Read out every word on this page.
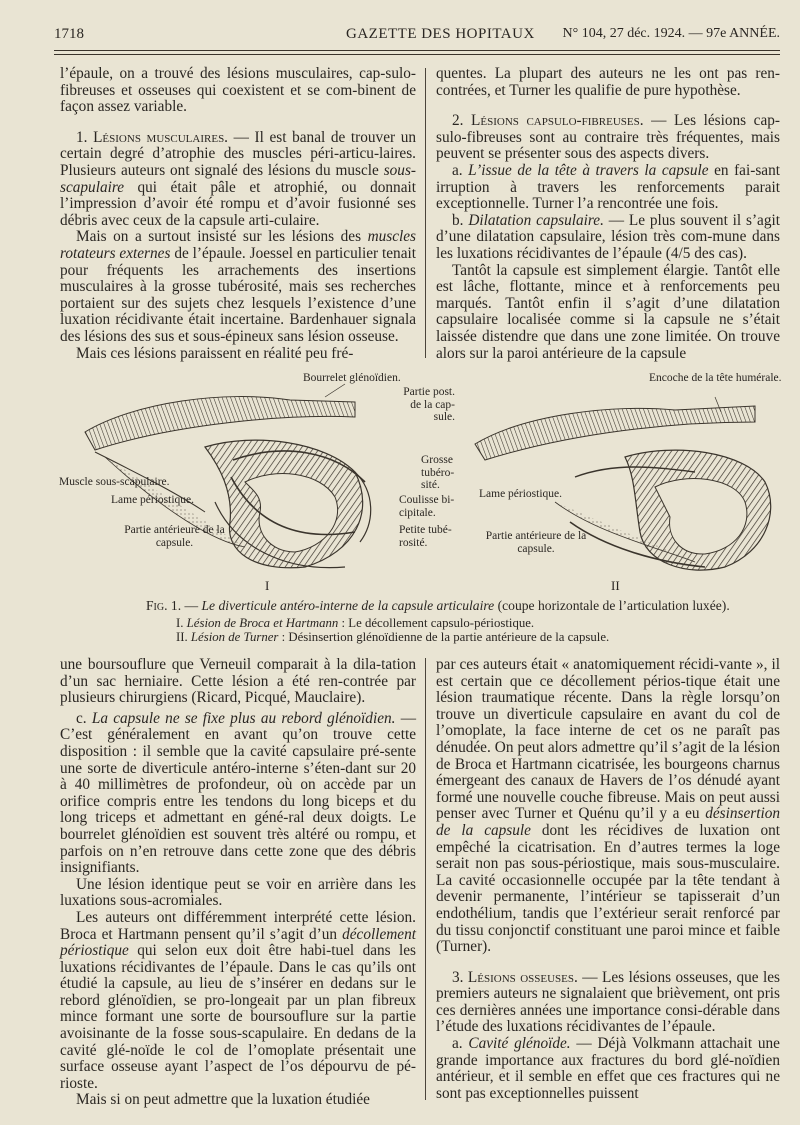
1718	GAZETTE DES HOPITAUX N° 104, 27 déc. 1924. — 97e ANNÉE.

l’épaule, on a trouvé des lésions musculaires, cap-sulo-fibreuses et osseuses qui coexistent et se com-binent de façon assez variable.

1. Lésions musculaires. — Il est banal de trouver un certain degré d’atrophie des muscles péri-articu-laires. Plusieurs auteurs ont signalé des lésions du muscle sous-scapulaire qui était pâle et atrophié, ou donnait l’impression d’avoir été rompu et d’avoir fusionné ses débris avec ceux de la capsule arti-culaire.

Mais on a surtout insisté sur les lésions des muscles rotateurs externes de l’épaule. Joessel en particulier tenait pour fréquents les arrachements des insertions musculaires à la grosse tubérosité, mais ses recherches portaient sur des sujets chez lesquels l’existence d’une luxation récidivante était incertaine. Bardenhauer signala des lésions des sus et sous-épineux sans lésion osseuse.

Mais ces lésions paraissent en réalité peu fré-

quentes. La plupart des auteurs ne les ont pas ren-contrées, et Turner les qualifie de pure hypothèse.

2. Lésions capsulo-fibreuses. — Les lésions cap-sulo-fibreuses sont au contraire très fréquentes, mais peuvent se présenter sous des aspects divers.

a. L’issue de la tête à travers la capsule en fai-sant irruption à travers les renforcements parait exceptionnelle. Turner l’a rencontrée une fois.

b. Dilatation capsulaire. — Le plus souvent il s’agit d’une dilatation capsulaire, lésion très com-mune dans les luxations récidivantes de l’épaule (4/5 des cas).

Tantôt la capsule est simplement élargie. Tantôt elle est lâche, flottante, mince et à renforcements peu marqués. Tantôt enfin il s’agit d’une dilatation capsulaire localisée comme si la capsule ne s’était laissée distendre que dans une zone limitée. On trouve alors sur la paroi antérieure de la capsule

Bourrelet glénoïdien.
Partie post. de la cap-sule.
Muscle sous-scapulaire.
Lame périostique.
Partie antérieure de la capsule.
Grosse tubéro-sité.
Coulisse bi-cipitale.
Petite tubé-rosité.
Encoche de la tête humérale.
Lame périostique.
Partie antérieure de la capsule.
I	II
Fig. 1. — Le diverticule antéro-interne de la capsule articulaire (coupe horizontale de l’articulation luxée).
I. Lésion de Broca et Hartmann : Le décollement capsulo-périostique.
II. Lésion de Turner : Désinsertion glénoïdienne de la partie antérieure de la capsule.

une boursouflure que Verneuil comparait à la dila-tation d’un sac herniaire. Cette lésion a été ren-contrée par plusieurs chirurgiens (Ricard, Picqué, Mauclaire).

c. La capsule ne se fixe plus au rebord glénoïdien. — C’est généralement en avant qu’on trouve cette disposition : il semble que la cavité capsulaire pré-sente une sorte de diverticule antéro-interne s’éten-dant sur 20 à 40 millimètres de profondeur, où on accède par un orifice compris entre les tendons du long biceps et du long triceps et admettant en géné-ral deux doigts. Le bourrelet glénoïdien est souvent très altéré ou rompu, et parfois on n’en retrouve dans cette zone que des débris insignifiants.

Une lésion identique peut se voir en arrière dans les luxations sous-acromiales.

Les auteurs ont différemment interprété cette lésion. Broca et Hartmann pensent qu’il s’agit d’un décollement périostique qui selon eux doit être habi-tuel dans les luxations récidivantes de l’épaule. Dans le cas qu’ils ont étudié la capsule, au lieu de s’insérer en dedans sur le rebord glénoïdien, se pro-longeait par un plan fibreux mince formant une sorte de boursouflure sur la partie avoisinante de la fosse sous-scapulaire. En dedans de la cavité glé-noïde le col de l’omoplate présentait une surface osseuse ayant l’aspect de l’os dépourvu de pé-rioste.

Mais si on peut admettre que la luxation étudiée

par ces auteurs était « anatomiquement récidi-vante », il est certain que ce décollement périos-tique était une lésion traumatique récente. Dans la règle lorsqu’on trouve un diverticule capsulaire en avant du col de l’omoplate, la face interne de cet os ne paraît pas dénudée. On peut alors admettre qu’il s’agit de la lésion de Broca et Hartmann cicatrisée, les bourgeons charnus émergeant des canaux de Havers de l’os dénudé ayant formé une nouvelle couche fibreuse. Mais on peut aussi penser avec Turner et Quénu qu’il y a eu désinsertion de la capsule dont les récidives de luxation ont empêché la cicatrisation. En d’autres termes la loge serait non pas sous-périostique, mais sous-musculaire. La cavité occasionnelle occupée par la tête tendant à devenir permanente, l’intérieur se tapisserait d’un endothélium, tandis que l’extérieur serait renforcé par du tissu conjonctif constituant une paroi mince et faible (Turner).

3. Lésions osseuses. — Les lésions osseuses, que les premiers auteurs ne signalaient que brièvement, ont pris ces dernières années une importance consi-dérable dans l’étude des luxations récidivantes de l’épaule.

a. Cavité glénoïde. — Déjà Volkmann attachait une grande importance aux fractures du bord glé-noïdien antérieur, et il semble en effet que ces fractures qui ne sont pas exceptionnelles puissent
